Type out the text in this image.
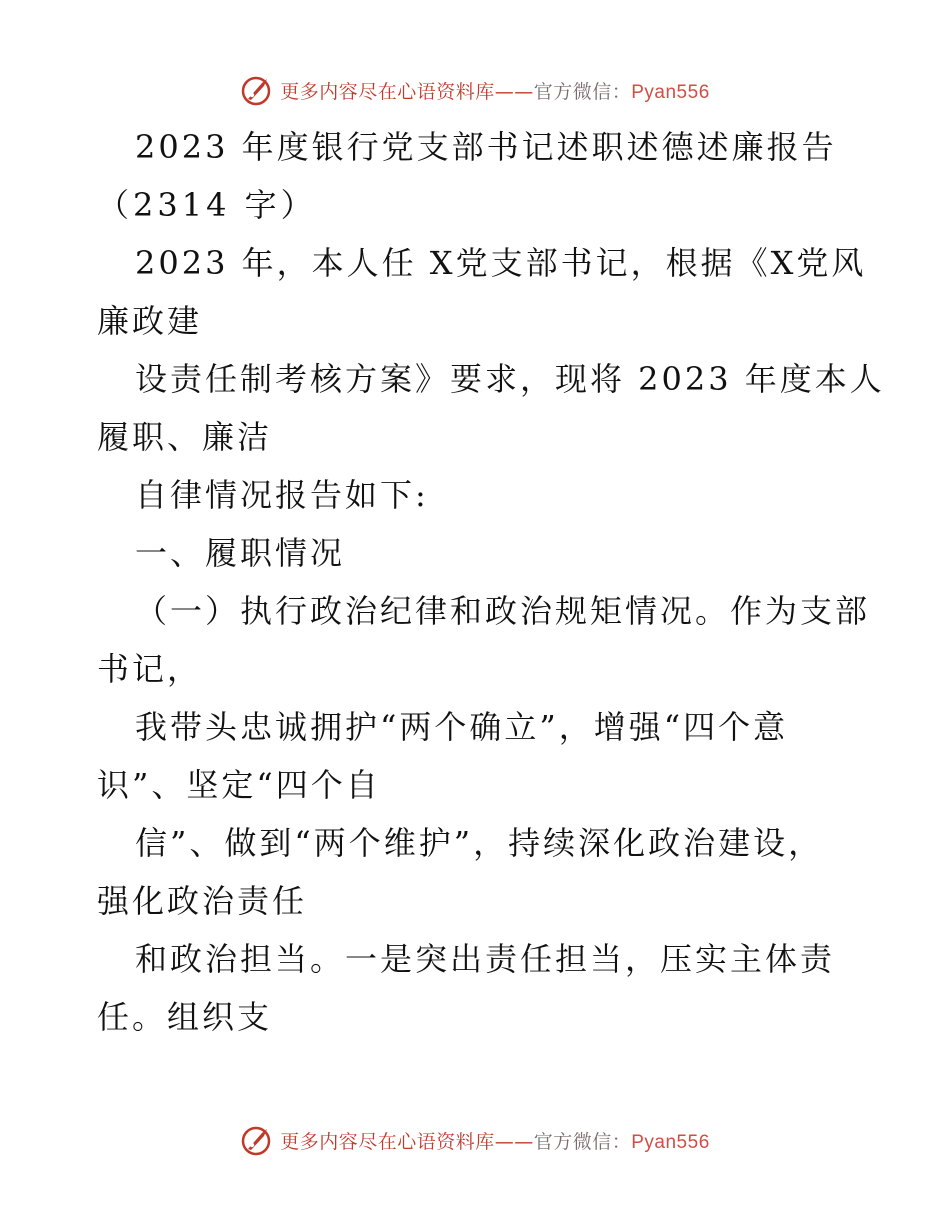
更多内容尽在心语资料库——官方微信：Pyan556
2023 年度银行党支部书记述职述德述廉报告
（2314 字）
2023 年，本人任 X党支部书记，根据《X党风
廉政建
设责任制考核方案》要求，现将 2023 年度本人
履职、廉洁
自律情况报告如下:
一、履职情况
（一）执行政治纪律和政治规矩情况。作为支部
书记，
我带头忠诚拥护“两个确立”，增强“四个意
识”、坚定“四个自
信”、做到“两个维护”，持续深化政治建设，
强化政治责任
和政治担当。一是突出责任担当，压实主体责
任。组织支
更多内容尽在心语资料库——官方微信：Pyan556
